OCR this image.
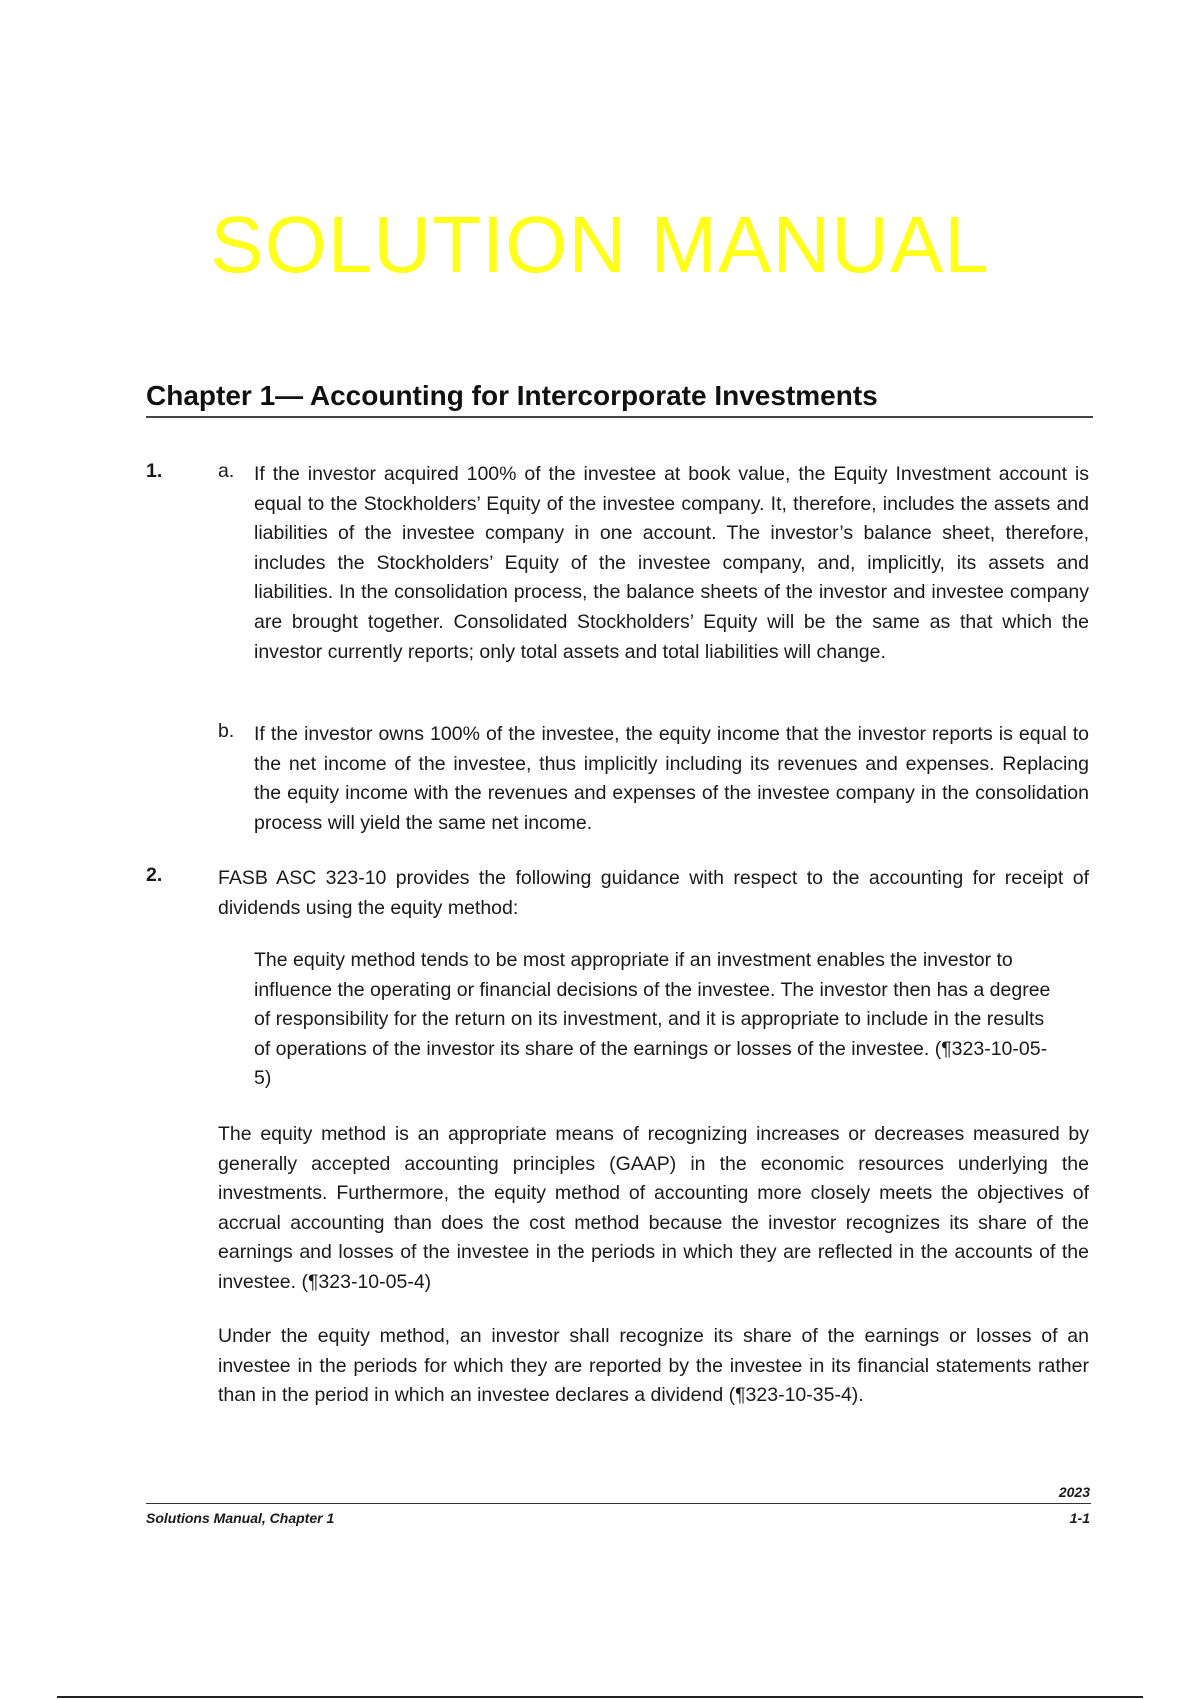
SOLUTION MANUAL
Chapter 1— Accounting for Intercorporate Investments
1.	a. If the investor acquired 100% of the investee at book value, the Equity Investment account is equal to the Stockholders’ Equity of the investee company. It, therefore, includes the assets and liabilities of the investee company in one account. The investor’s balance sheet, therefore, includes the Stockholders’ Equity of the investee company, and, implicitly, its assets and liabilities. In the consolidation process, the balance sheets of the investor and investee company are brought together. Consolidated Stockholders’ Equity will be the same as that which the investor currently reports; only total assets and total liabilities will change.
b. If the investor owns 100% of the investee, the equity income that the investor reports is equal to the net income of the investee, thus implicitly including its revenues and expenses. Replacing the equity income with the revenues and expenses of the investee company in the consolidation process will yield the same net income.
2.	FASB ASC 323-10 provides the following guidance with respect to the accounting for receipt of dividends using the equity method:
The equity method tends to be most appropriate if an investment enables the investor to influence the operating or financial decisions of the investee. The investor then has a degree of responsibility for the return on its investment, and it is appropriate to include in the results of operations of the investor its share of the earnings or losses of the investee. (¶323-10-05-5)
The equity method is an appropriate means of recognizing increases or decreases measured by generally accepted accounting principles (GAAP) in the economic resources underlying the investments. Furthermore, the equity method of accounting more closely meets the objectives of accrual accounting than does the cost method because the investor recognizes its share of the earnings and losses of the investee in the periods in which they are reflected in the accounts of the investee. (¶323-10-05-4)
Under the equity method, an investor shall recognize its share of the earnings or losses of an investee in the periods for which they are reported by the investee in its financial statements rather than in the period in which an investee declares a dividend (¶323-10-35-4).
2023
Solutions Manual, Chapter 1	1-1
